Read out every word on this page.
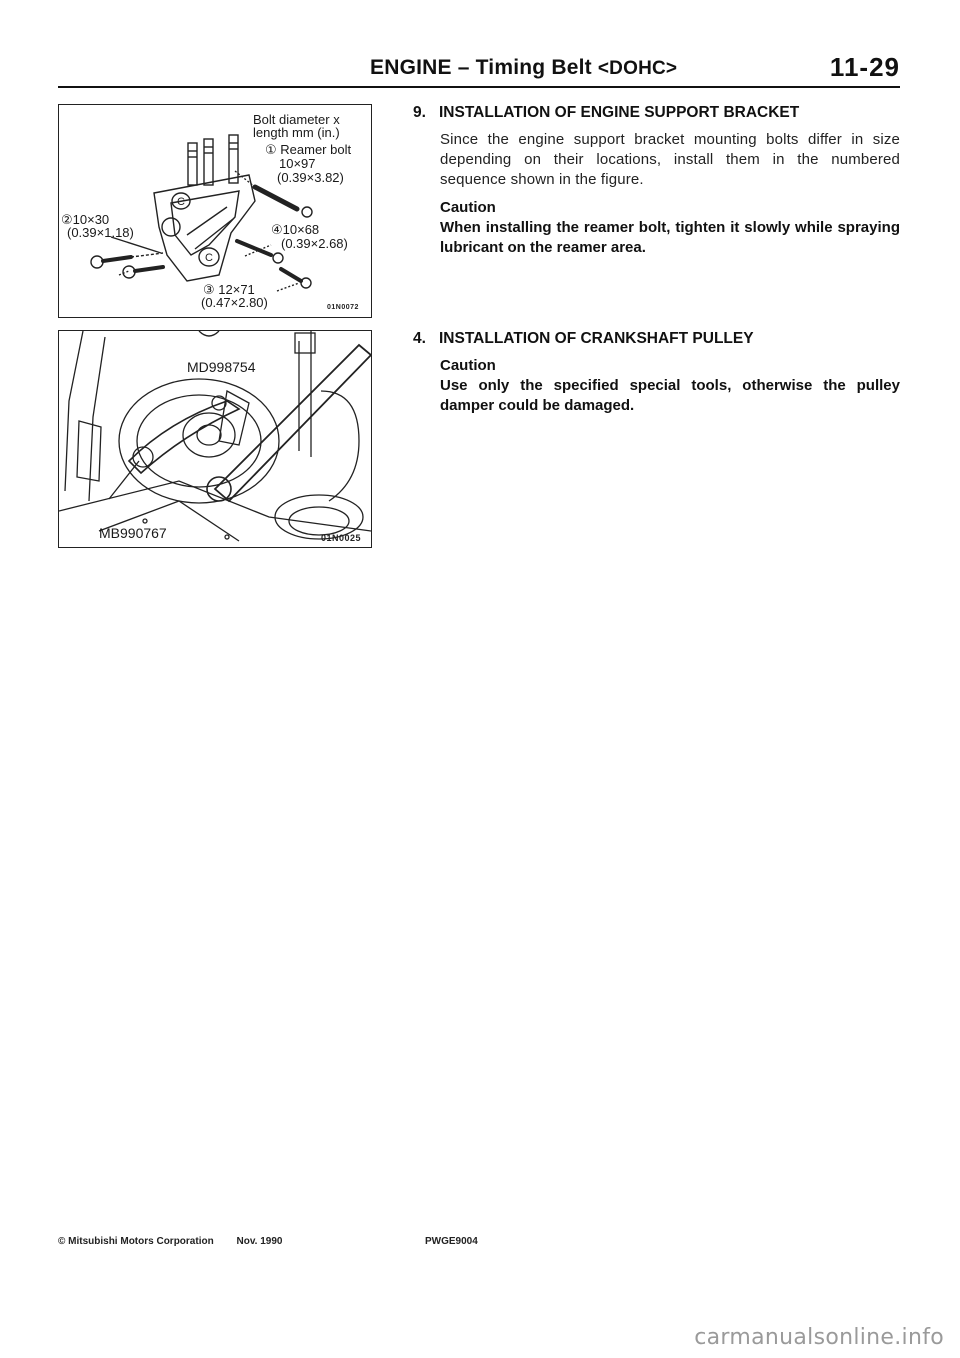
ENGINE – Timing Belt <DOHC>	11-29
C
C
Bolt diameter x
length mm (in.)
① Reamer bolt
10×97
(0.39×3.82)
②10×30
(0.39×1.18)	④10×68
(0.39×2.68)
③ 12×71
(0.47×2.80)	01N0072
MD998754
MB990767	01N0025
9. INSTALLATION OF ENGINE SUPPORT BRACKET
Since the engine support bracket mounting bolts differ in size depending on their locations, install them in the numbered sequence shown in the figure.
Caution
When installing the reamer bolt, tighten it slowly while spraying lubricant on the reamer area.
4. INSTALLATION OF CRANKSHAFT PULLEY
Caution
Use only the specified special tools, otherwise the pulley damper could be damaged.
© Mitsubishi Motors Corporation Nov. 1990	PWGE9004
carmanualsonline.info
